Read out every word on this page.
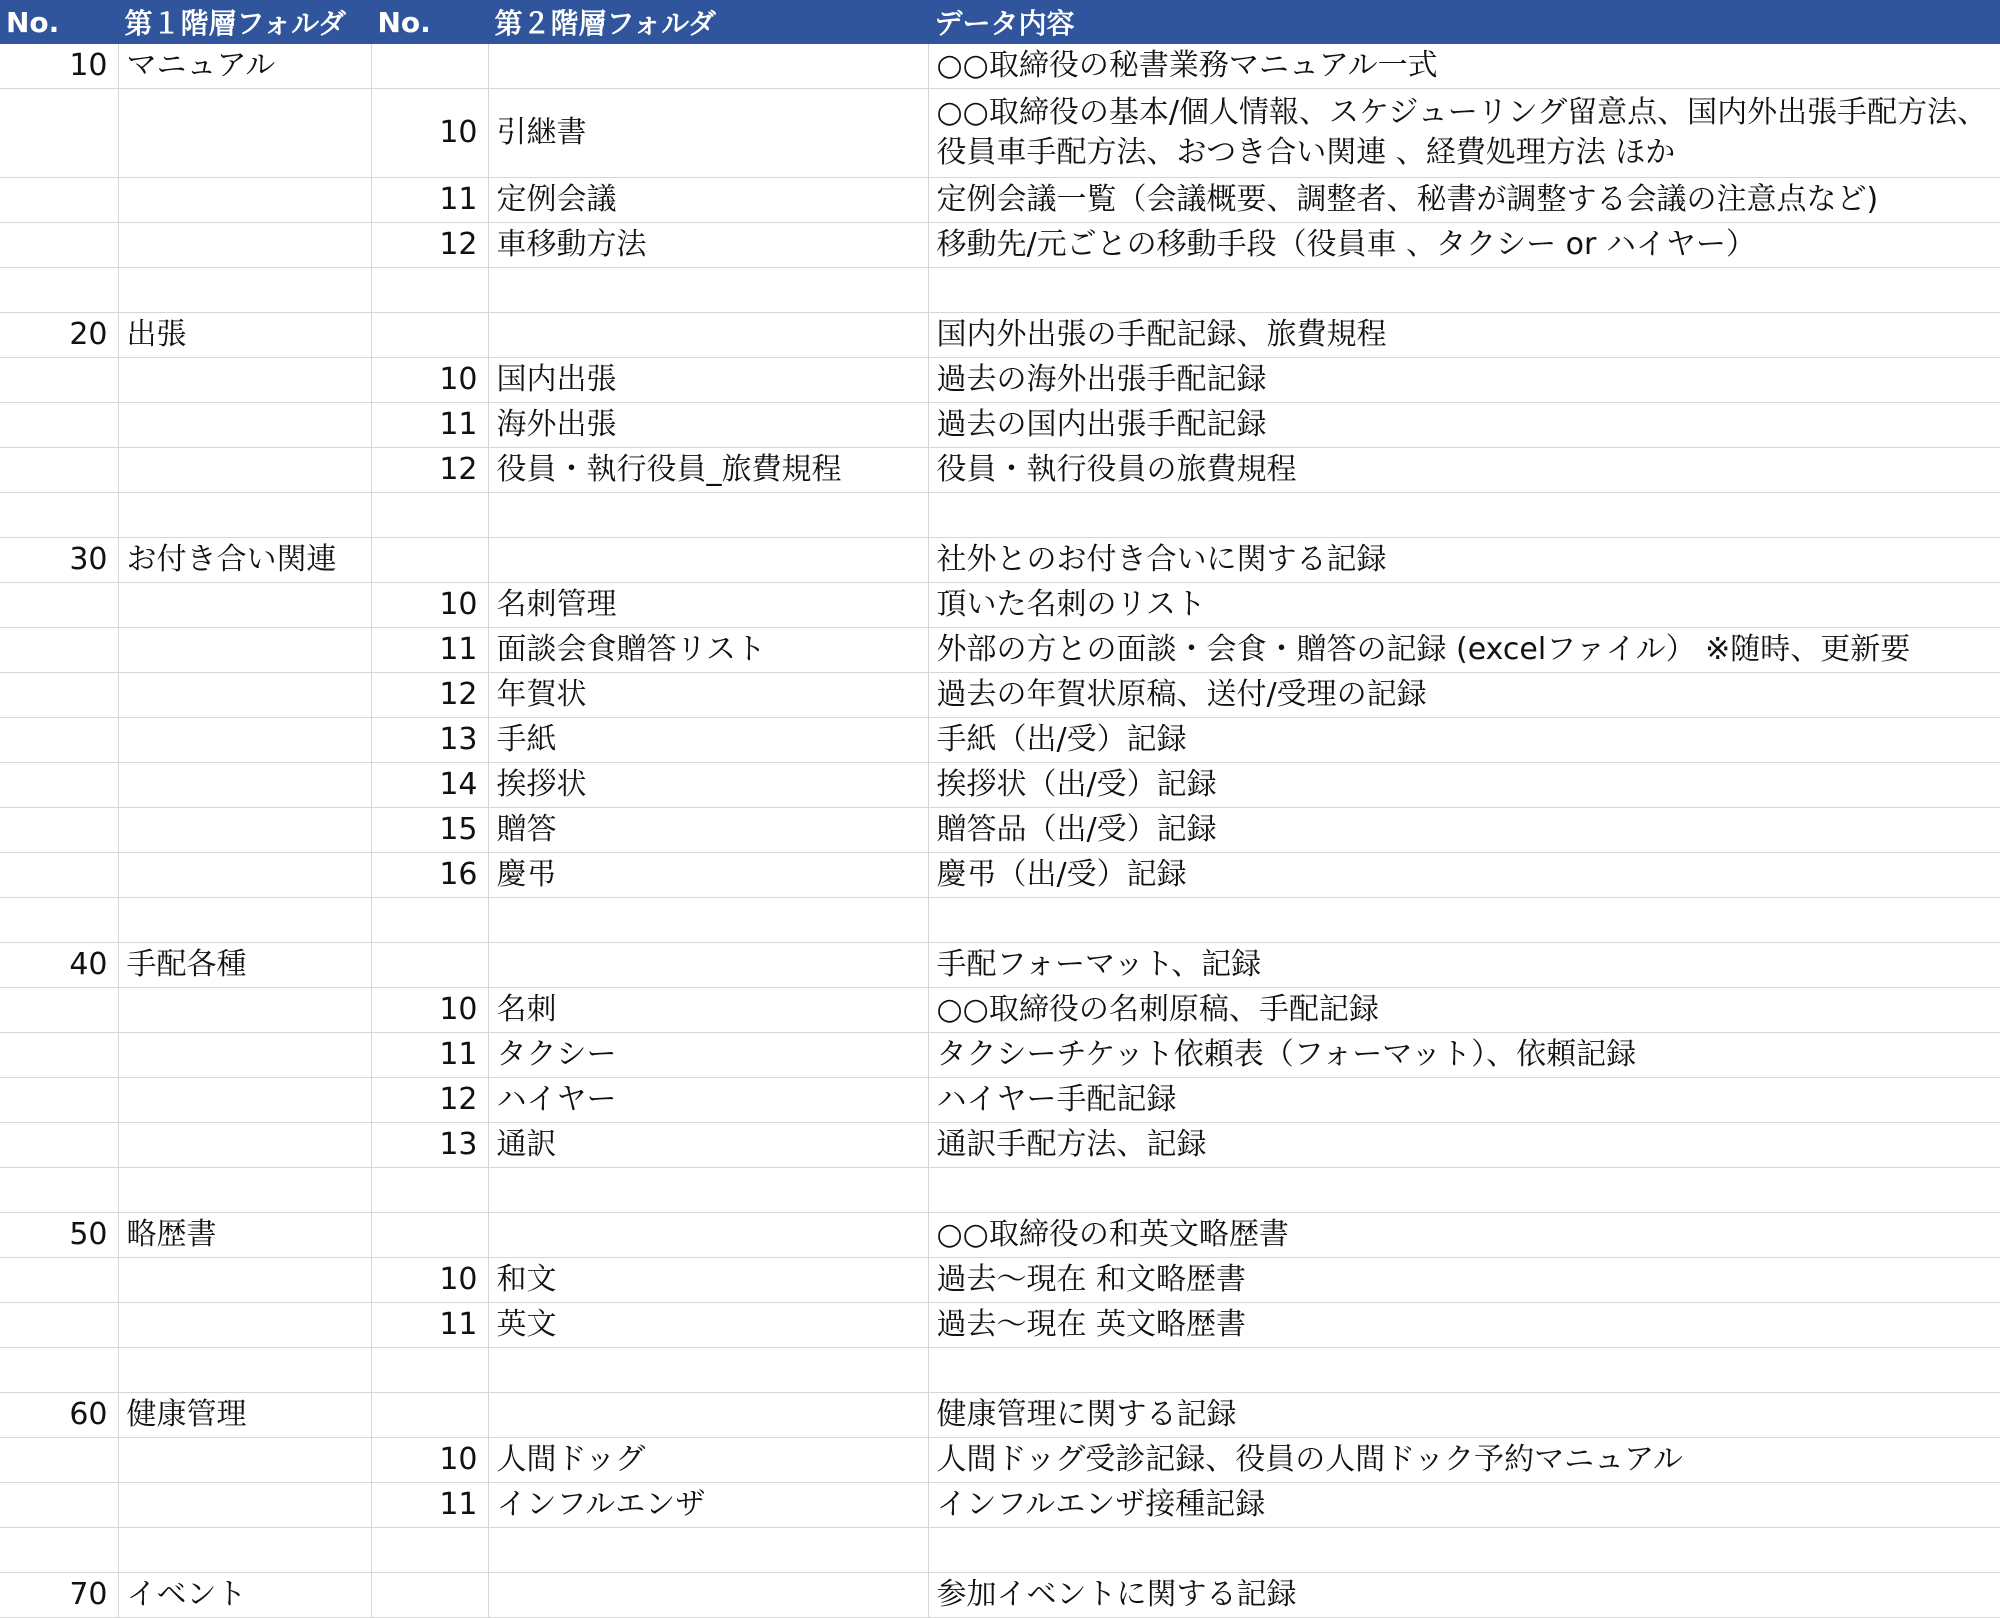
No.	第１階層フォルダ	No.	第２階層フォルダ	データ内容
10	マニュアル			○○取締役の秘書業務マニュアル一式
		10	引継書	○○取締役の基本/個人情報、スケジューリング留意点、国内外出張手配方法、役員車手配方法、おつき合い関連 、経費処理方法 ほか
		11	定例会議	定例会議一覧（会議概要、調整者、秘書が調整する会議の注意点など)
		12	車移動方法	移動先/元ごとの移動手段（役員車 、タクシー or ハイヤー）

20	出張			国内外出張の手配記録、旅費規程
		10	国内出張	過去の海外出張手配記録
		11	海外出張	過去の国内出張手配記録
		12	役員・執行役員_旅費規程	役員・執行役員の旅費規程

30	お付き合い関連			社外とのお付き合いに関する記録
		10	名刺管理	頂いた名刺のリスト
		11	面談会食贈答リスト	外部の方との面談・会食・贈答の記録 (excelファイル） ※随時、更新要
		12	年賀状	過去の年賀状原稿、送付/受理の記録
		13	手紙	手紙（出/受）記録
		14	挨拶状	挨拶状（出/受）記録
		15	贈答	贈答品（出/受）記録
		16	慶弔	慶弔（出/受）記録

40	手配各種			手配フォーマット、記録
		10	名刺	○○取締役の名刺原稿、手配記録
		11	タクシー	タクシーチケット依頼表（フォーマット）、依頼記録
		12	ハイヤー	ハイヤー手配記録
		13	通訳	通訳手配方法、記録

50	略歴書			○○取締役の和英文略歴書
		10	和文	過去～現在 和文略歴書
		11	英文	過去～現在 英文略歴書

60	健康管理			健康管理に関する記録
		10	人間ドッグ	人間ドッグ受診記録、役員の人間ドック予約マニュアル
		11	インフルエンザ	インフルエンザ接種記録

70	イベント			参加イベントに関する記録
